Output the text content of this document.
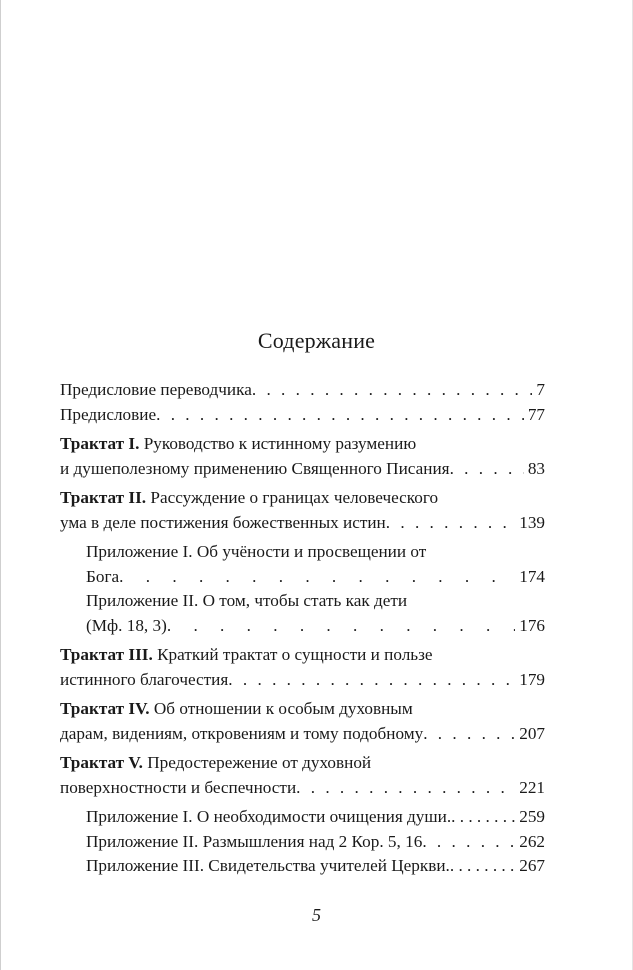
Содержание
Предисловие переводчика . . .	7
Предисловие . . .	77
Трактат I. Руководство к истинному разумению
и душеполезному применению Священного Писания . . .	83
Трактат II. Рассуждение о границах человеческого
ума в деле постижения божественных истин . . .	139
Приложение I. Об учёности и просвещении от
Бога . . .	174
Приложение II. О том, чтобы стать как дети
(Мф. 18, 3) . . .	176
Трактат III. Краткий трактат о сущности и пользе
истинного благочестия . . .	179
Трактат IV. Об отношении к особым духовным
дарам, видениям, откровениям и тому подобному . . .	207
Трактат V. Предостережение от духовной
поверхностности и беспечности . . .	221
Приложение I. О необходимости очищения души. . . .	259
Приложение II. Размышления над 2 Кор. 5, 16 . . .	262
Приложение III. Свидетельства учителей Церкви. . . .	267
5
